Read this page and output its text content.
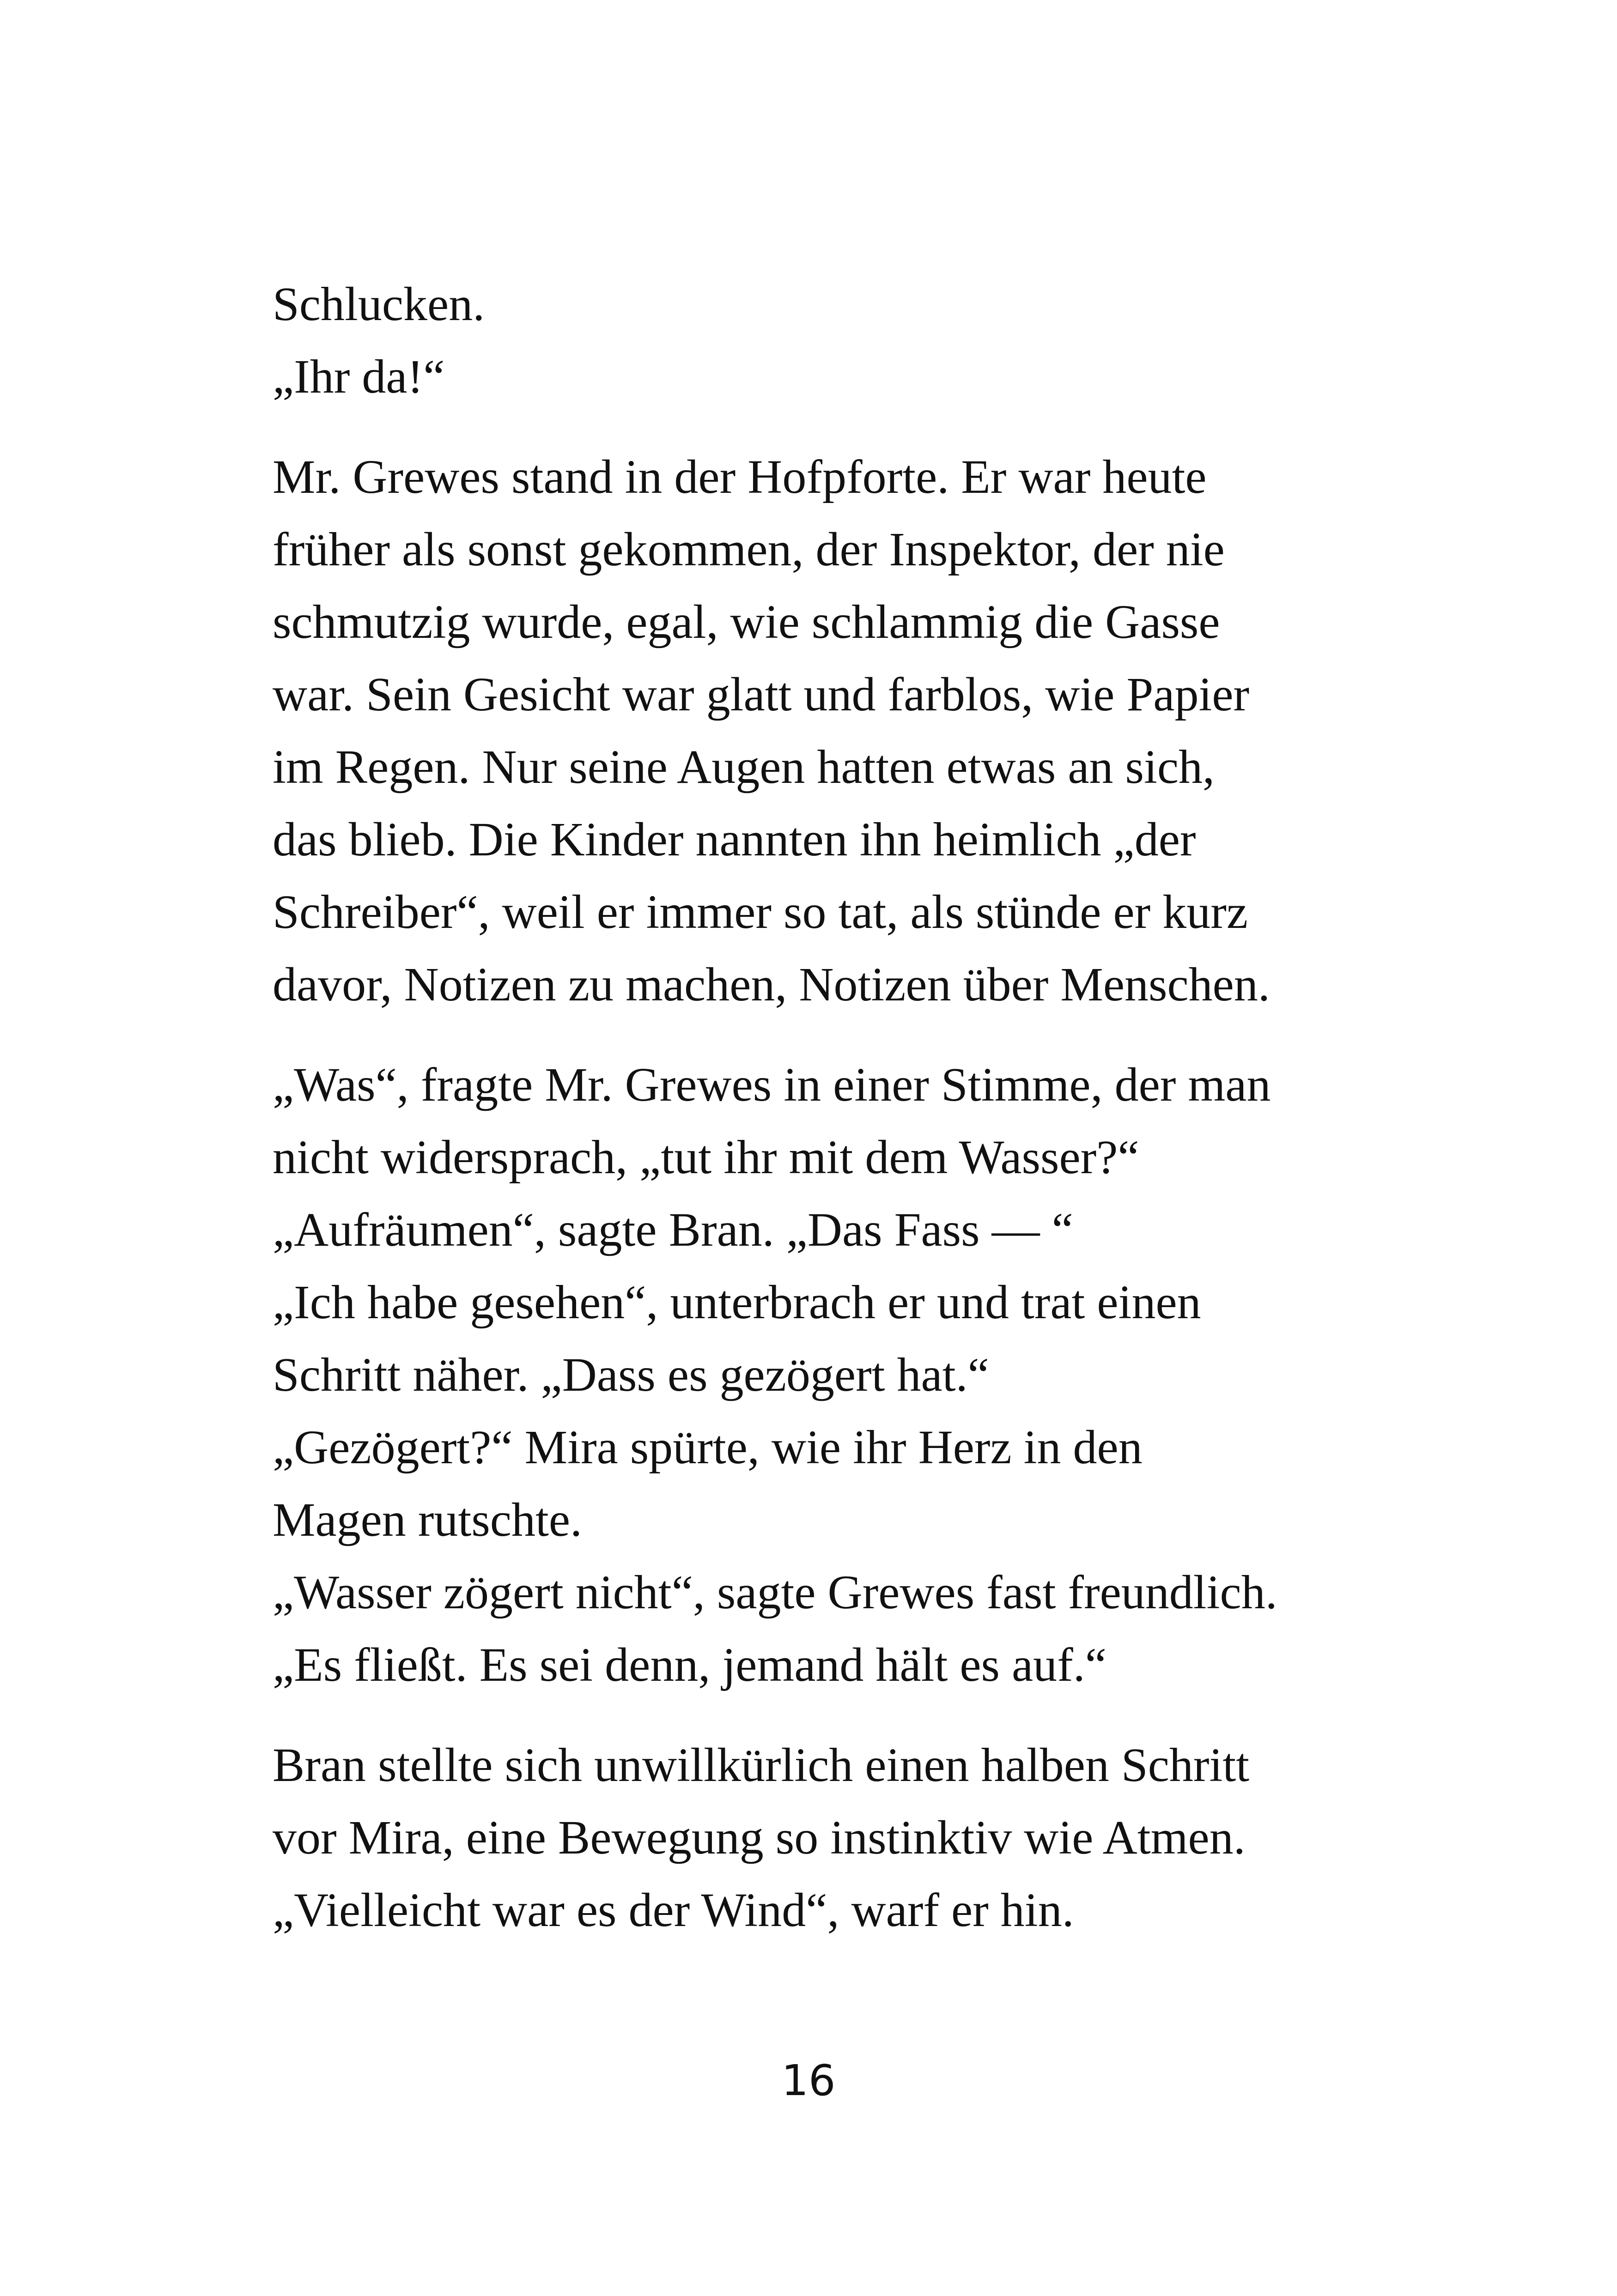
Schlucken.
„Ihr da!“

Mr. Grewes stand in der Hofpforte. Er war heute
früher als sonst gekommen, der Inspektor, der nie
schmutzig wurde, egal, wie schlammig die Gasse
war. Sein Gesicht war glatt und farblos, wie Papier
im Regen. Nur seine Augen hatten etwas an sich,
das blieb. Die Kinder nannten ihn heimlich „der
Schreiber“, weil er immer so tat, als stünde er kurz
davor, Notizen zu machen, Notizen über Menschen.

„Was“, fragte Mr. Grewes in einer Stimme, der man
nicht widersprach, „tut ihr mit dem Wasser?“
„Aufräumen“, sagte Bran. „Das Fass — “
„Ich habe gesehen“, unterbrach er und trat einen
Schritt näher. „Dass es gezögert hat.“
„Gezögert?“ Mira spürte, wie ihr Herz in den
Magen rutschte.
„Wasser zögert nicht“, sagte Grewes fast freundlich.
„Es fließt. Es sei denn, jemand hält es auf.“

Bran stellte sich unwillkürlich einen halben Schritt
vor Mira, eine Bewegung so instinktiv wie Atmen.
„Vielleicht war es der Wind“, warf er hin.

16
